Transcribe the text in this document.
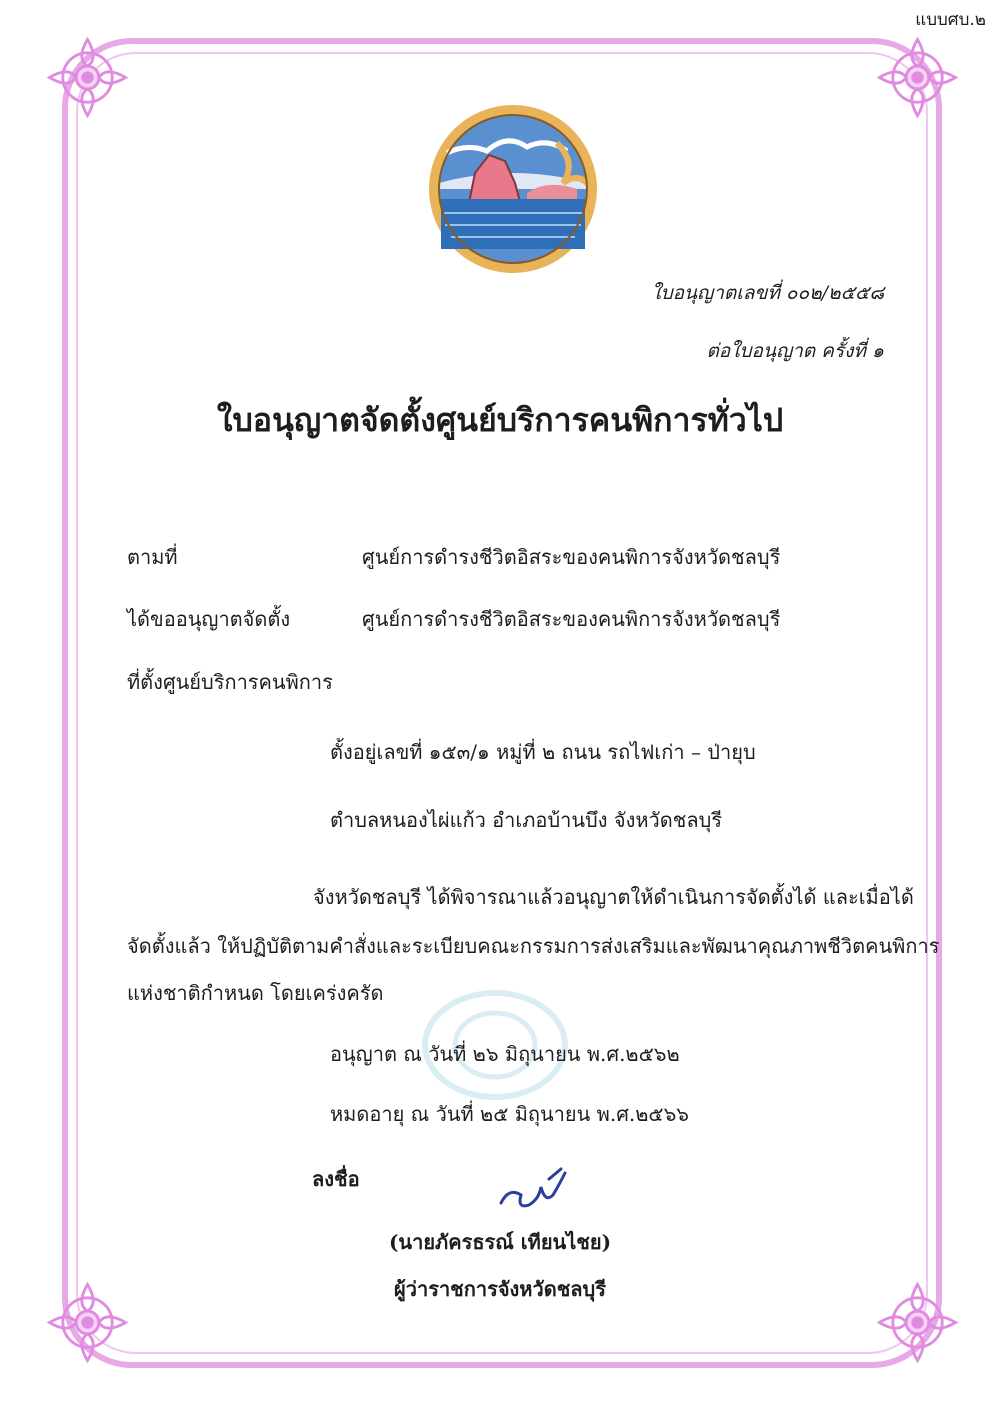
แบบศบ.๒
ใบอนุญาตเลขที่ ๐๐๒/๒๕๕๘
ต่อใบอนุญาต ครั้งที่ ๑
ใบอนุญาตจัดตั้งศูนย์บริการคนพิการทั่วไป
ตามที่	ศูนย์การดำรงชีวิตอิสระของคนพิการจังหวัดชลบุรี
ได้ขออนุญาตจัดตั้ง	ศูนย์การดำรงชีวิตอิสระของคนพิการจังหวัดชลบุรี
ที่ตั้งศูนย์บริการคนพิการ
ตั้งอยู่เลขที่ ๑๕๓/๑ หมู่ที่ ๒ ถนน รถไฟเก่า – ป่ายุบ
ตำบลหนองไผ่แก้ว อำเภอบ้านบึง จังหวัดชลบุรี
จังหวัดชลบุรี ได้พิจารณาแล้วอนุญาตให้ดำเนินการจัดตั้งได้ และเมื่อได้
จัดตั้งแล้ว ให้ปฏิบัติตามคำสั่งและระเบียบคณะกรรมการส่งเสริมและพัฒนาคุณภาพชีวิตคนพิการ
แห่งชาติกำหนด โดยเคร่งครัด
อนุญาต ณ วันที่ ๒๖ มิถุนายน พ.ศ.๒๕๖๒
หมดอายุ ณ วันที่ ๒๕ มิถุนายน พ.ศ.๒๕๖๖
ลงชื่อ
(นายภัครธรณ์ เทียนไชย)
ผู้ว่าราชการจังหวัดชลบุรี
